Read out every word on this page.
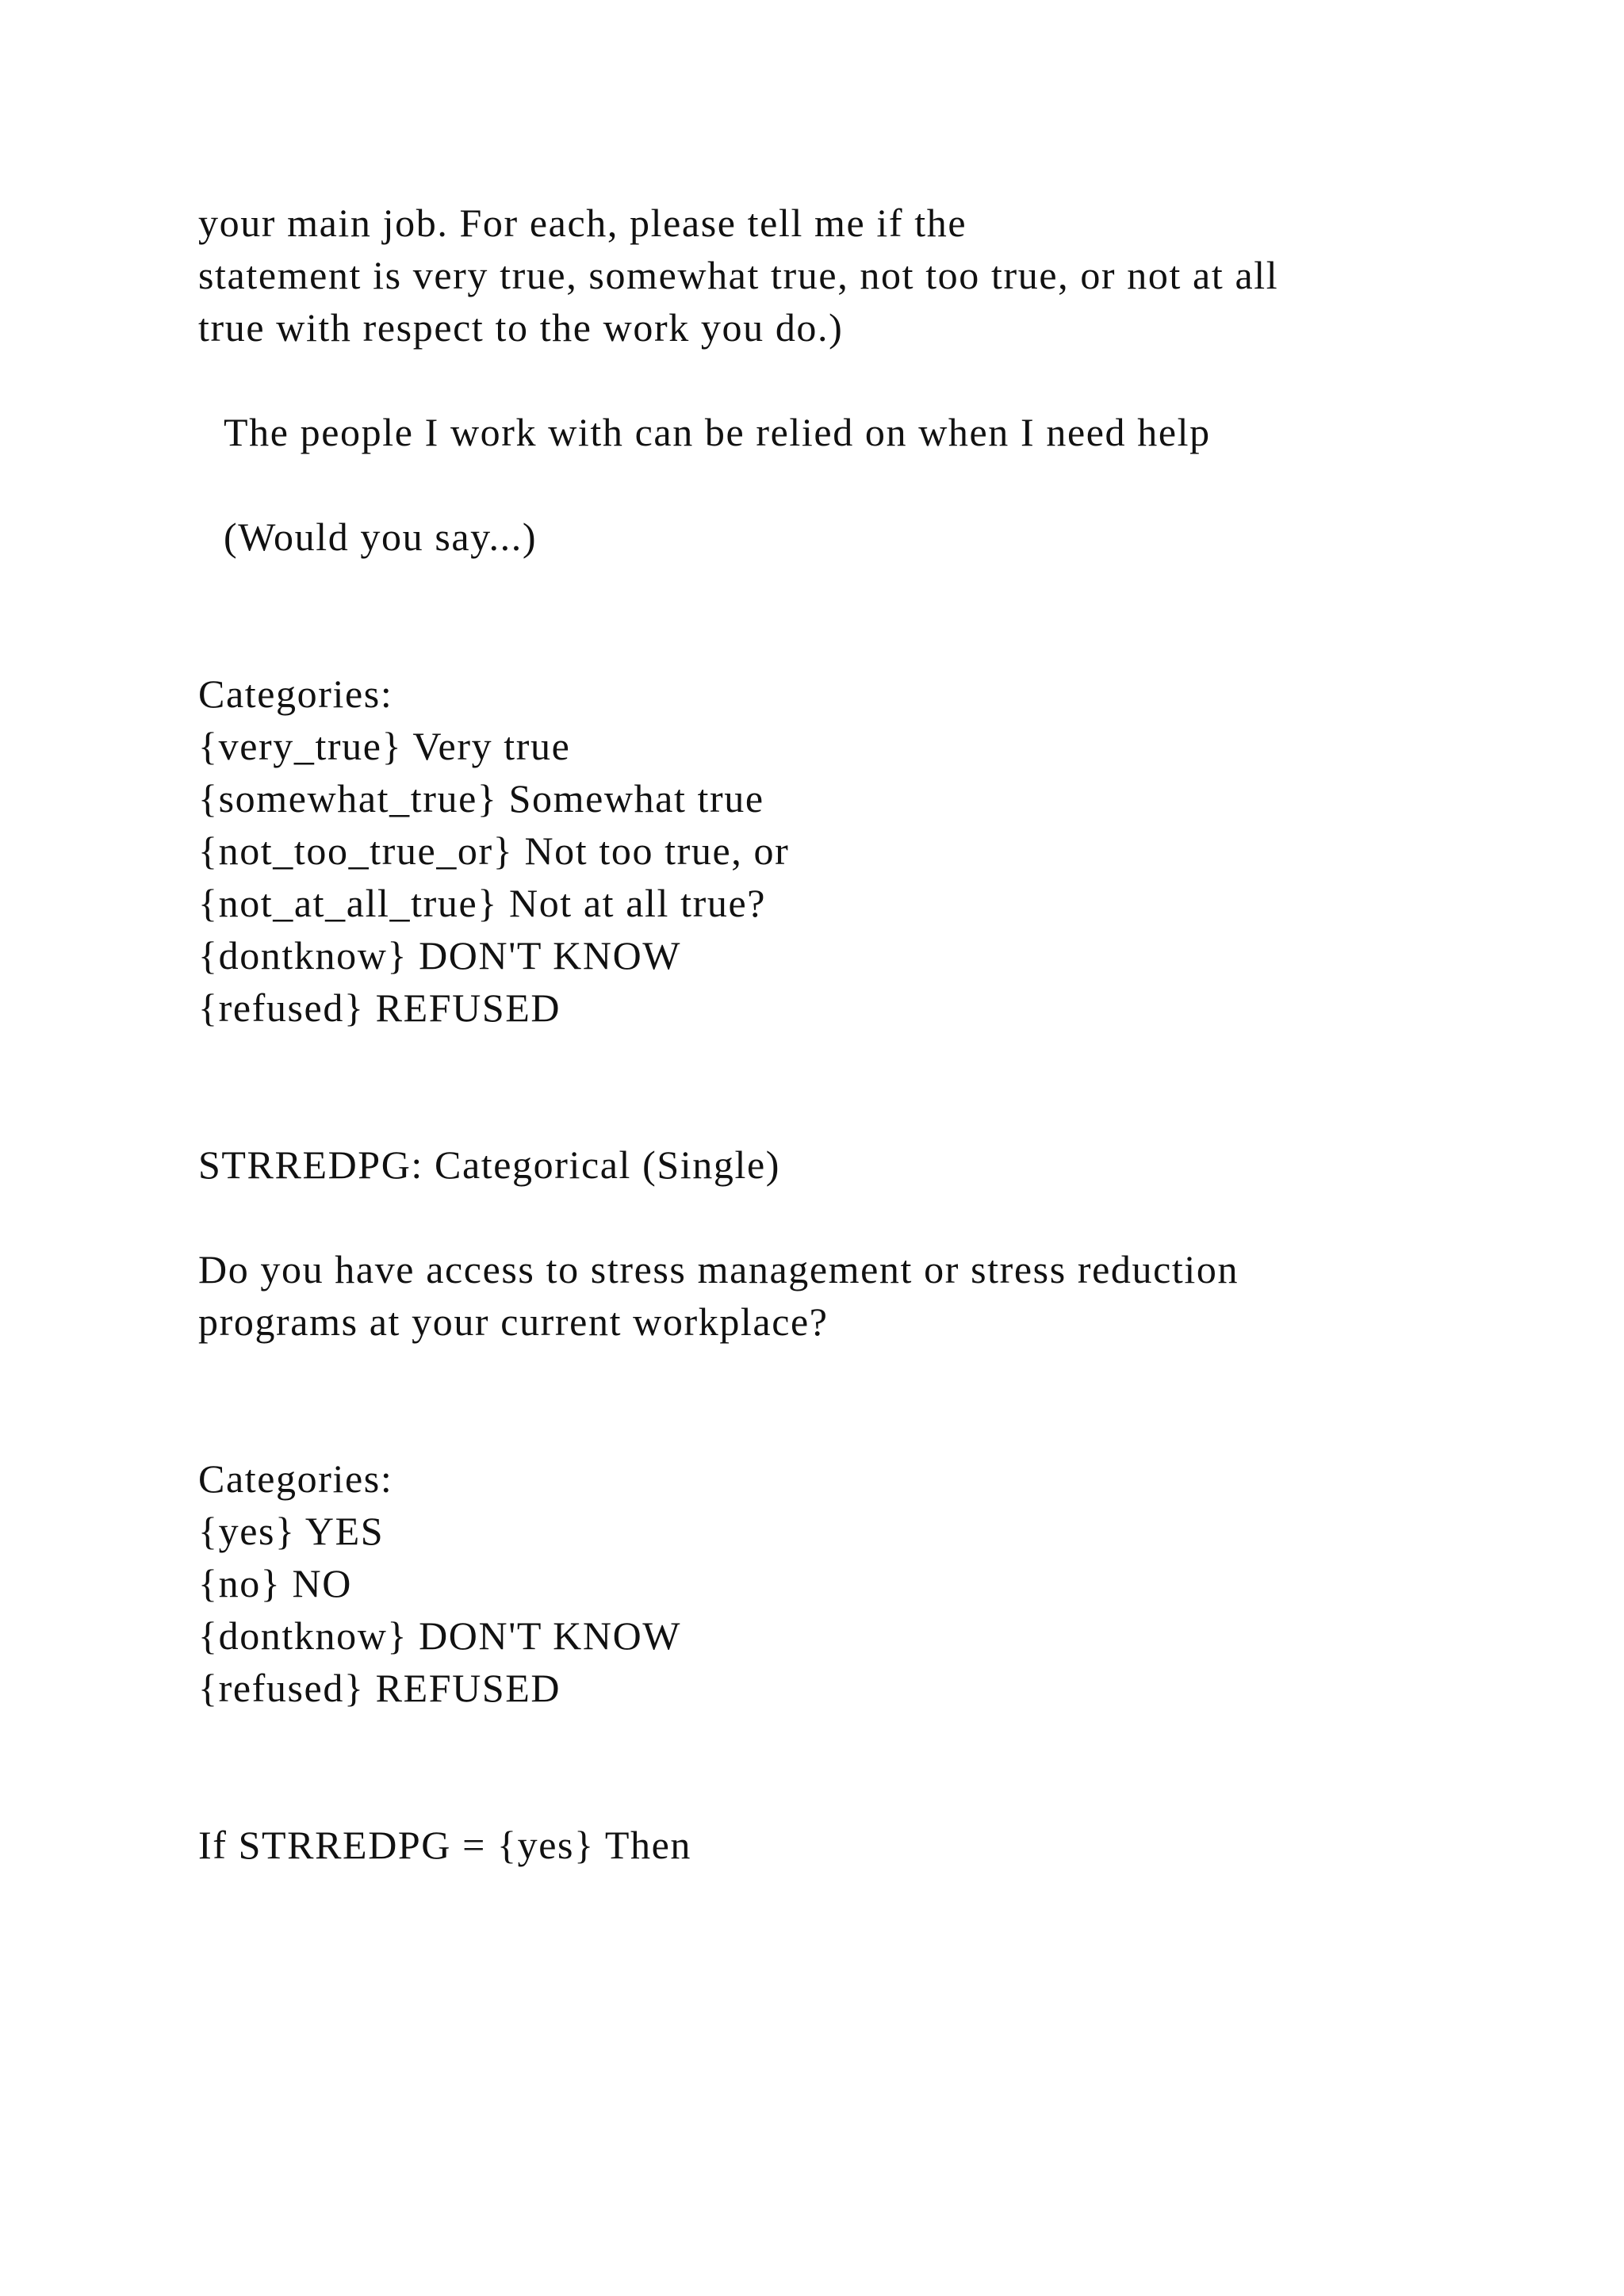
your main job. For each, please tell me if the
statement is very true, somewhat true, not too true, or not at all
true with respect to the work you do.)
The people I work with can be relied on when I need help
(Would you say...)
Categories:
{very_true} Very true
{somewhat_true} Somewhat true
{not_too_true_or} Not too true, or
{not_at_all_true} Not at all true?
{dontknow} DON'T KNOW
{refused} REFUSED
STRREDPG: Categorical (Single)
Do you have access to stress management or stress reduction
programs at your current workplace?
Categories:
{yes} YES
{no} NO
{dontknow} DON'T KNOW
{refused} REFUSED
If STRREDPG = {yes} Then
